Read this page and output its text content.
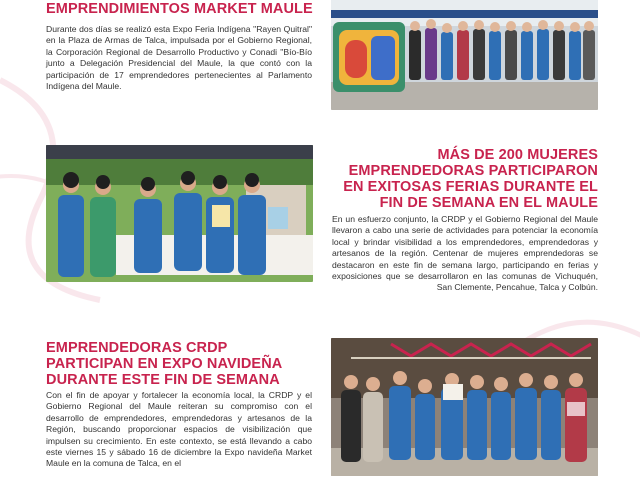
EMPRENDIMIENTOS MARKET MAULE

Durante dos días se realizó esta Expo Feria Indígena "Rayen Quitral" en la Plaza de Armas de Talca, impulsada por el Gobierno Regional, la Corporación Regional de Desarrollo Productivo y Conadi "Bío-Bío junto a Delegación Presidencial del Maule, la que contó con la participación de 17 emprendedores pertenecientes al Parlamento Indígena del Maule.

MÁS DE 200 MUJERES EMPRENDEDORAS PARTICIPARON EN EXITOSAS FERIAS DURANTE EL FIN DE SEMANA EN EL MAULE

En un esfuerzo conjunto, la CRDP y el Gobierno Regional del Maule llevaron a cabo una serie de actividades para potenciar la economía local y brindar visibilidad a los emprendedores, emprendedoras y artesanos de la región. Centenar de mujeres emprendedoras se destacaron en este fin de semana largo, participando en ferias y exposiciones que se desarrollaron en las comunas de Vichuquén, San Clemente, Pencahue, Talca y Colbún.

EMPRENDEDORAS CRDP PARTICIPAN EN EXPO NAVIDEÑA DURANTE ESTE FIN DE SEMANA

Con el fin de apoyar y fortalecer la economía local, la CRDP y el Gobierno Regional del Maule reiteran su compromiso con el desarrollo de emprendedores, emprendedoras y artesanos de la Región, buscando proporcionar espacios de visibilización que impulsen su crecimiento. En este contexto, se está llevando a cabo este viernes 15 y sábado 16 de diciembre la Expo navideña Market Maule en la comuna de Talca, en el
